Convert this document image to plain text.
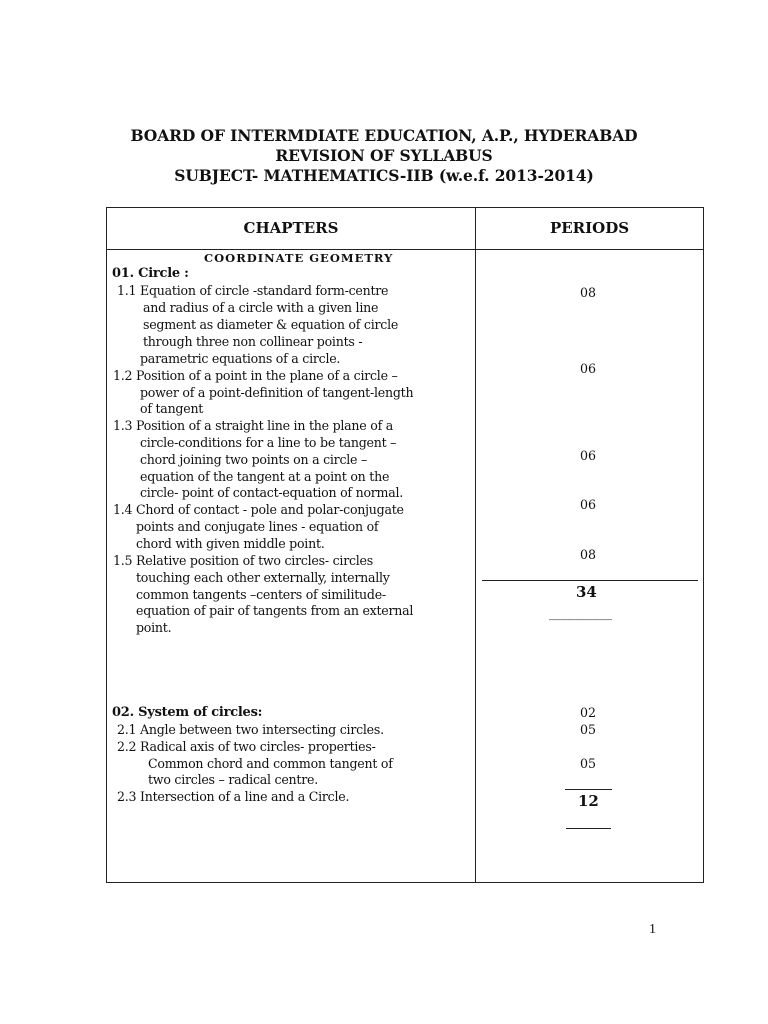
BOARD OF INTERMDIATE EDUCATION, A.P., HYDERABAD
REVISION OF SYLLABUS
SUBJECT- MATHEMATICS-IIB (w.e.f. 2013-2014)
CHAPTERS	PERIODS
COORDINATE GEOMETRY
01. Circle :
1.1 Equation of circle -standard form-centre
and radius of a circle with a given line
segment as diameter & equation of circle
through three non collinear points -
parametric equations of a circle.
1.2 Position of a point in the plane of a circle –
power of a point-definition of tangent-length
of tangent
1.3 Position of a straight line in the plane of a
circle-conditions for a line to be tangent –
chord joining two points on a circle –
equation of the tangent at a point on the
circle- point of contact-equation of normal.
1.4 Chord of contact - pole and polar-conjugate
points and conjugate lines - equation of
chord with given middle point.
1.5 Relative position of two circles- circles
touching each other externally, internally
common tangents –centers of similitude-
equation of pair of tangents from an external
point.
02. System of circles:
2.1 Angle between two intersecting circles.
2.2 Radical axis of two circles- properties-
Common chord and common tangent of
two circles – radical centre.
2.3 Intersection of a line and a Circle.
08
06
06
06
08
34
__________
02
05
05
12
1
